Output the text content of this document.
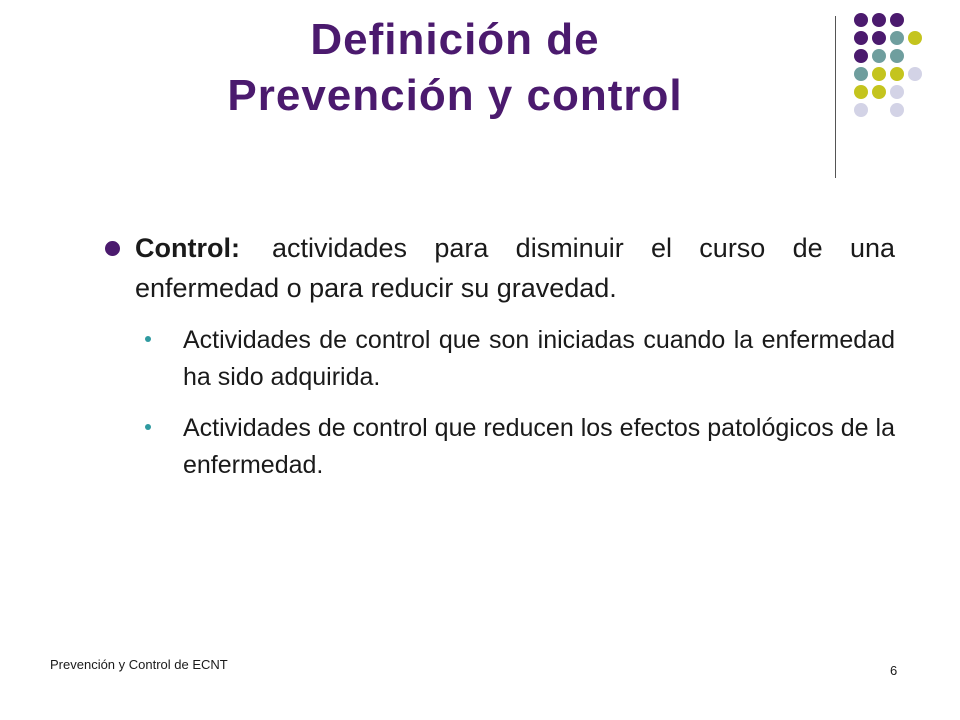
Definición de
Prevención y control
Control: actividades para disminuir el curso de una enfermedad o para reducir su gravedad.
Actividades de control que son iniciadas cuando la enfermedad ha sido adquirida.
Actividades de control que reducen los efectos patológicos de la enfermedad.
Prevención y Control de ECNT	6
